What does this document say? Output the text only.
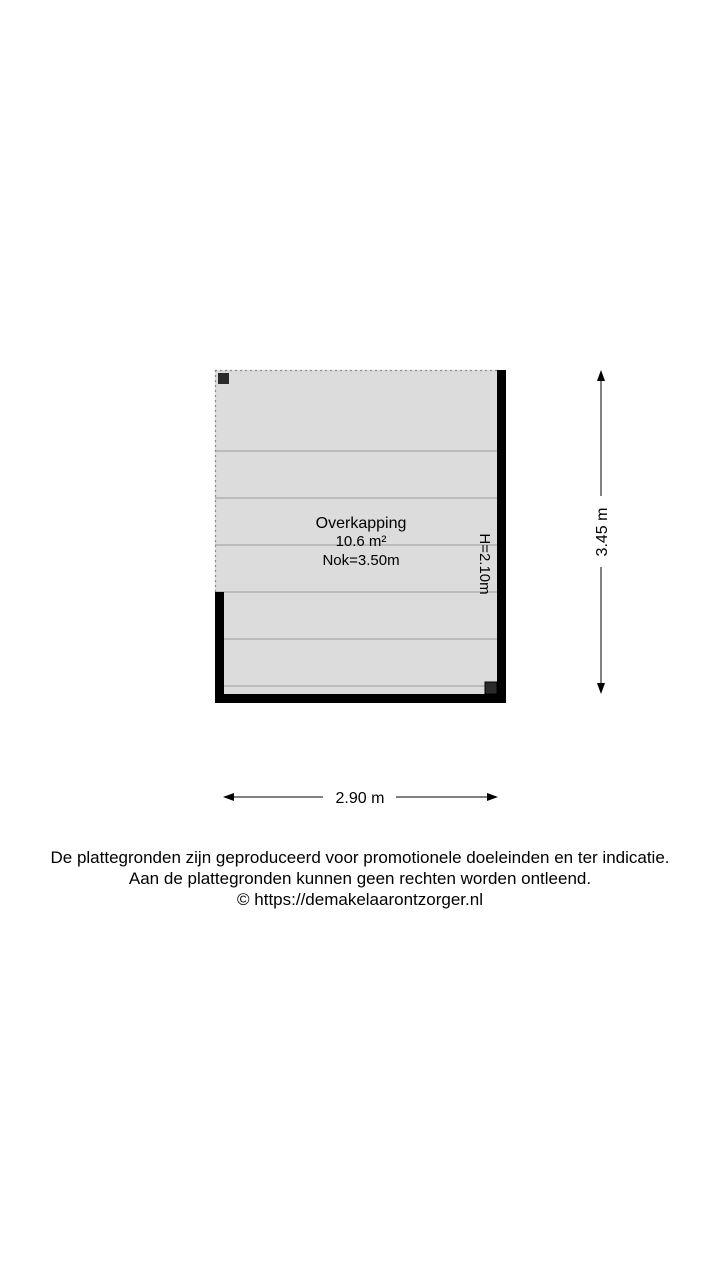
Overkapping
10.6 m²
Nok=3.50m	H=2.10m
3.45 m
2.90 m
De plattegronden zijn geproduceerd voor promotionele doeleinden en ter indicatie.
Aan de plattegronden kunnen geen rechten worden ontleend.
© https://demakelaarontzorger.nl
